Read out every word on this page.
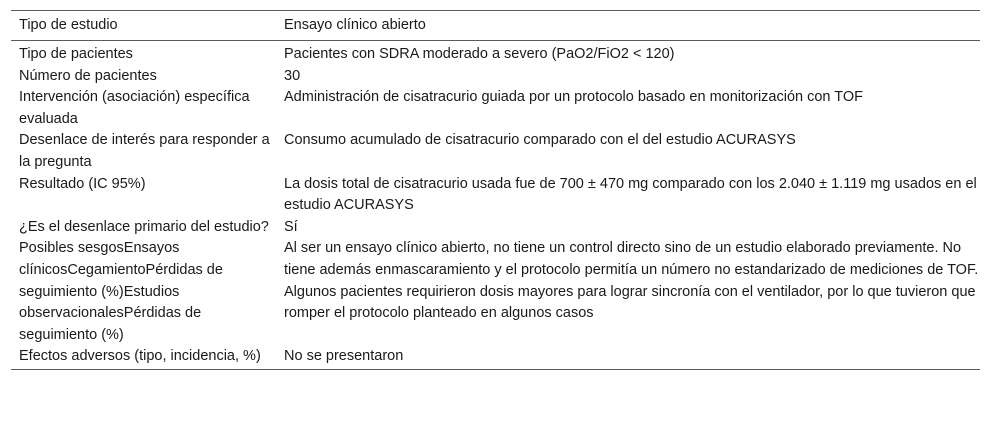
Tipo de estudio	Ensayo clínico abierto
Tipo de pacientes	Pacientes con SDRA moderado a severo (PaO2/FiO2 < 120)
Número de pacientes	30
Intervención (asociación) específica evaluada	Administración de cisatracurio guiada por un protocolo basado en monitorización con TOF
Desenlace de interés para responder a la pregunta	Consumo acumulado de cisatracurio comparado con el del estudio ACURASYS
Resultado (IC 95%)	La dosis total de cisatracurio usada fue de 700 ± 470 mg comparado con los 2.040 ± 1.119 mg usados en el estudio ACURASYS
¿Es el desenlace primario del estudio?	Sí
Posibles sesgosEnsayos clínicosCegamientoPérdidas de seguimiento (%)Estudios observacionalesPérdidas de seguimiento (%)	Al ser un ensayo clínico abierto, no tiene un control directo sino de un estudio elaborado previamente. No tiene además enmascaramiento y el protocolo permitía un número no estandarizado de mediciones de TOF. Algunos pacientes requirieron dosis mayores para lograr sincronía con el ventilador, por lo que tuvieron que romper el protocolo planteado en algunos casos
Efectos adversos (tipo, incidencia, %)	No se presentaron
